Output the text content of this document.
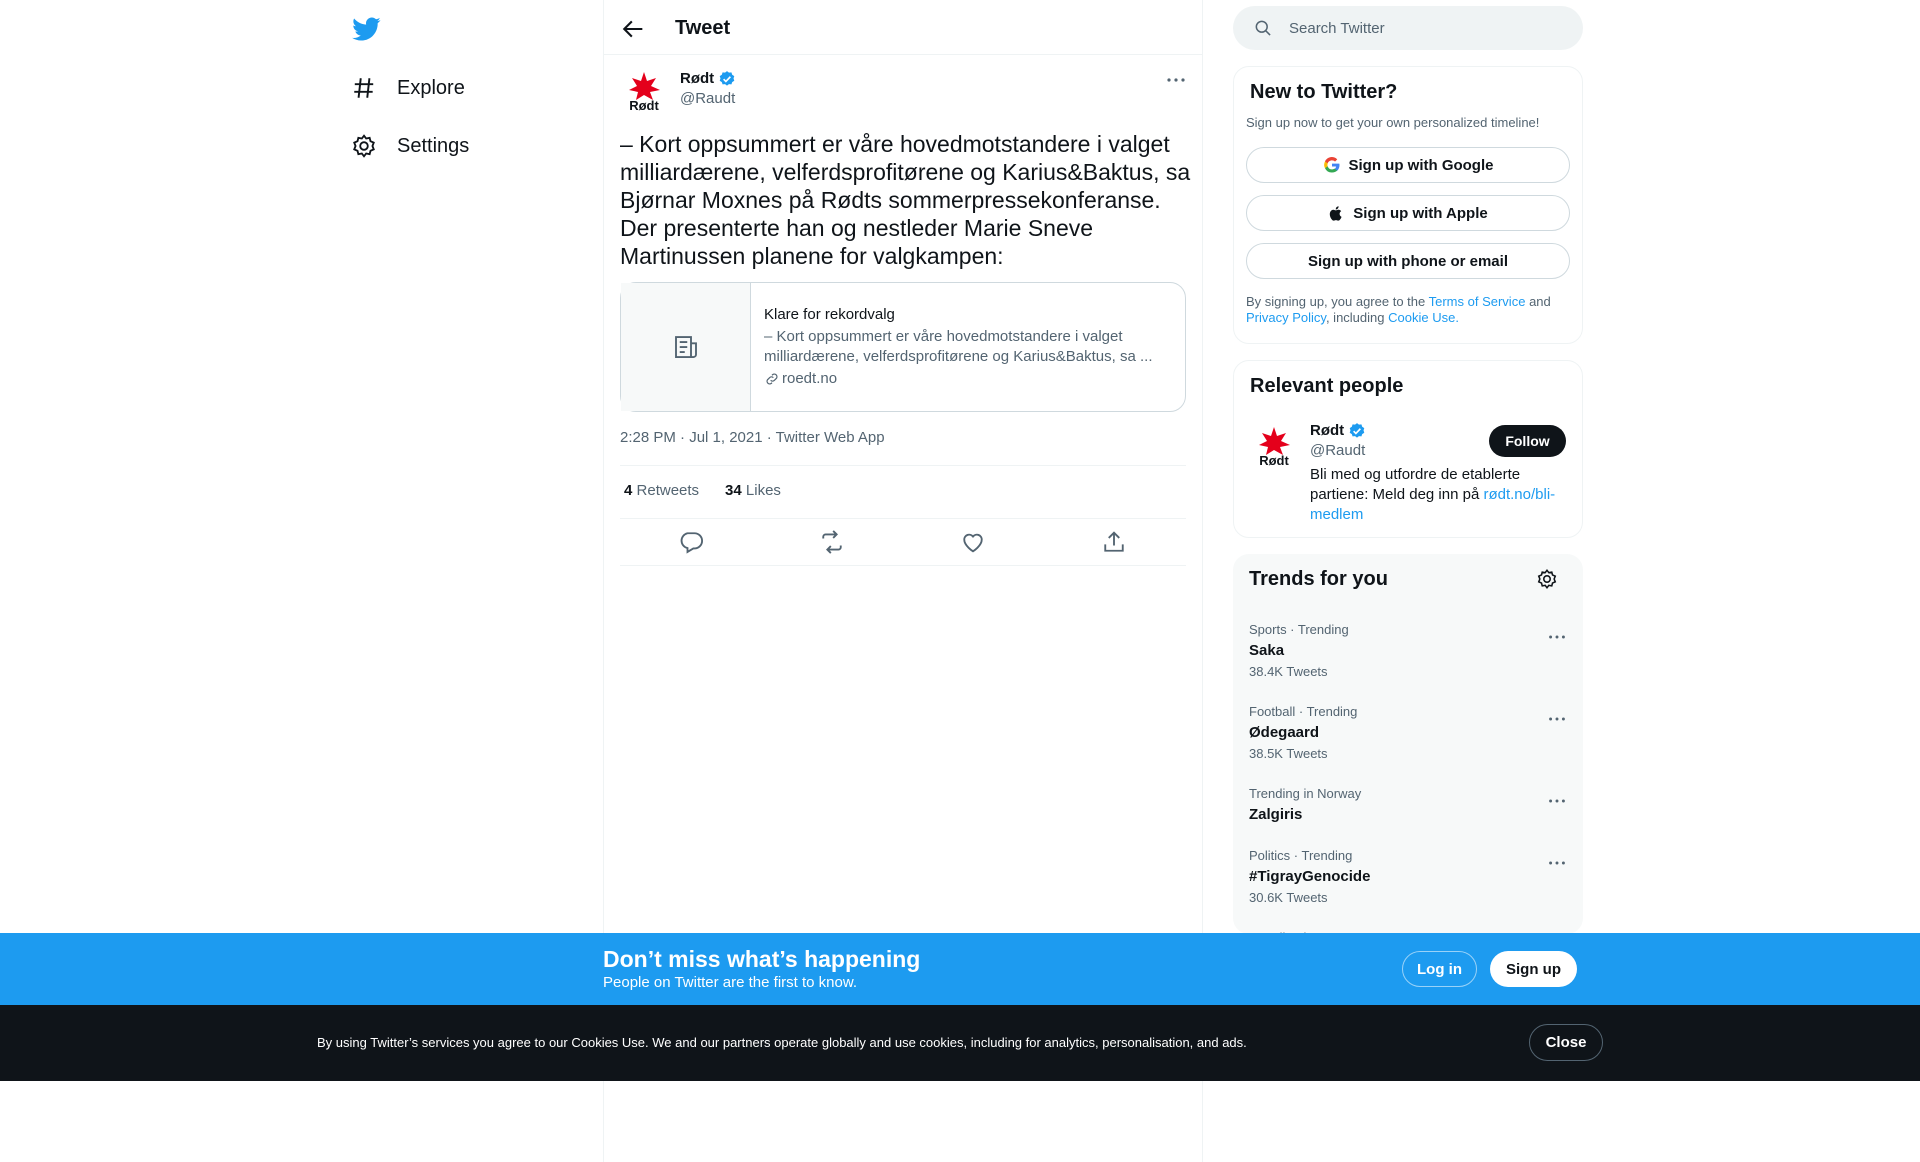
Explore
Settings
Tweet
Rødt
Rødt
@Raudt
– Kort oppsummert er våre hovedmotstandere i valget milliardærene, velferdsprofitørene og Karius&Baktus, sa Bjørnar Moxnes på Rødts sommerpressekonferanse. Der presenterte han og nestleder Marie Sneve Martinussen planene for valgkampen:
Klare for rekordvalg
– Kort oppsummert er våre hovedmotstandere i valget milliardærene, velferdsprofitørene og Karius&Baktus, sa ...
roedt.no
2:28 PM · Jul 1, 2021 · Twitter Web App
4 Retweets 34 Likes
Search Twitter
New to Twitter?
Sign up now to get your own personalized timeline!
Sign up with Google
Sign up with Apple
Sign up with phone or email
By signing up, you agree to the Terms of Service and
Privacy Policy, including Cookie Use.
Relevant people
Rødt
Rødt
@Raudt
Bli med og utfordre de etablerte partiene: Meld deg inn på rødt.no/bli-medlem
Follow
Trends for you
Sports · Trending
Saka
38.4K Tweets
Football · Trending
Ødegaard
38.5K Tweets
Trending in Norway
Zalgiris
Politics · Trending
#TigrayGenocide
30.6K Tweets
Don’t miss what’s happening
People on Twitter are the first to know.
Log in	Sign up
By using Twitter’s services you agree to our Cookies Use. We and our partners operate globally and use cookies, including for analytics, personalisation, and ads.	Close
